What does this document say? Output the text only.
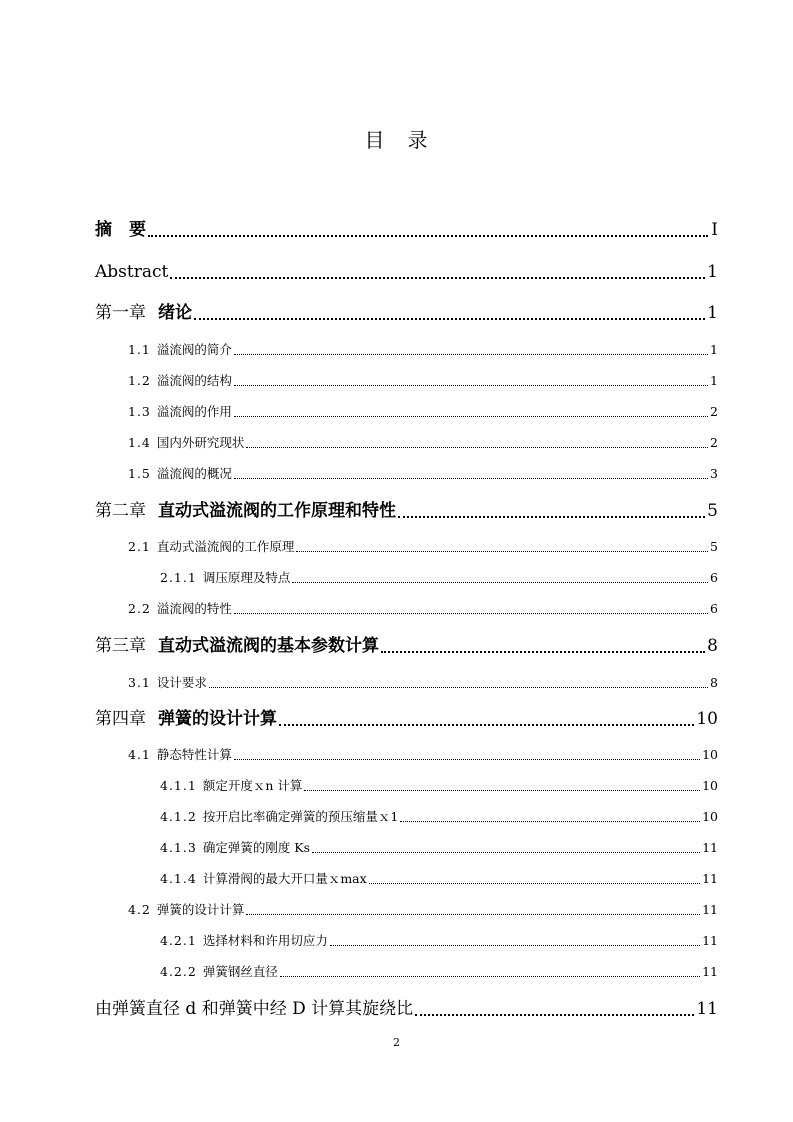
目 录
摘　要	I
Abstract	1
第一章 绪论	1
1.1 溢流阀的简介	1
1.2 溢流阀的结构	1
1.3 溢流阀的作用	2
1.4 国内外研究现状	2
1.5 溢流阀的概况	3
第二章 直动式溢流阀的工作原理和特性	5
2.1 直动式溢流阀的工作原理	5
2.1.1 调压原理及特点	6
2.2 溢流阀的特性	6
第三章 直动式溢流阀的基本参数计算	8
3.1 设计要求	8
第四章 弹簧的设计计算	10
4.1 静态特性计算	10
4.1.1 额定开度ｘn 计算	10
4.1.2 按开启比率确定弹簧的预压缩量ｘ1	10
4.1.3 确定弹簧的刚度 Ks	11
4.1.4 计算滑阀的最大开口量ｘmax	11
4.2 弹簧的设计计算	11
4.2.1 选择材料和许用切应力	11
4.2.2 弹簧钢丝直径	11
由弹簧直径 d 和弹簧中经 D 计算其旋绕比	11
2
